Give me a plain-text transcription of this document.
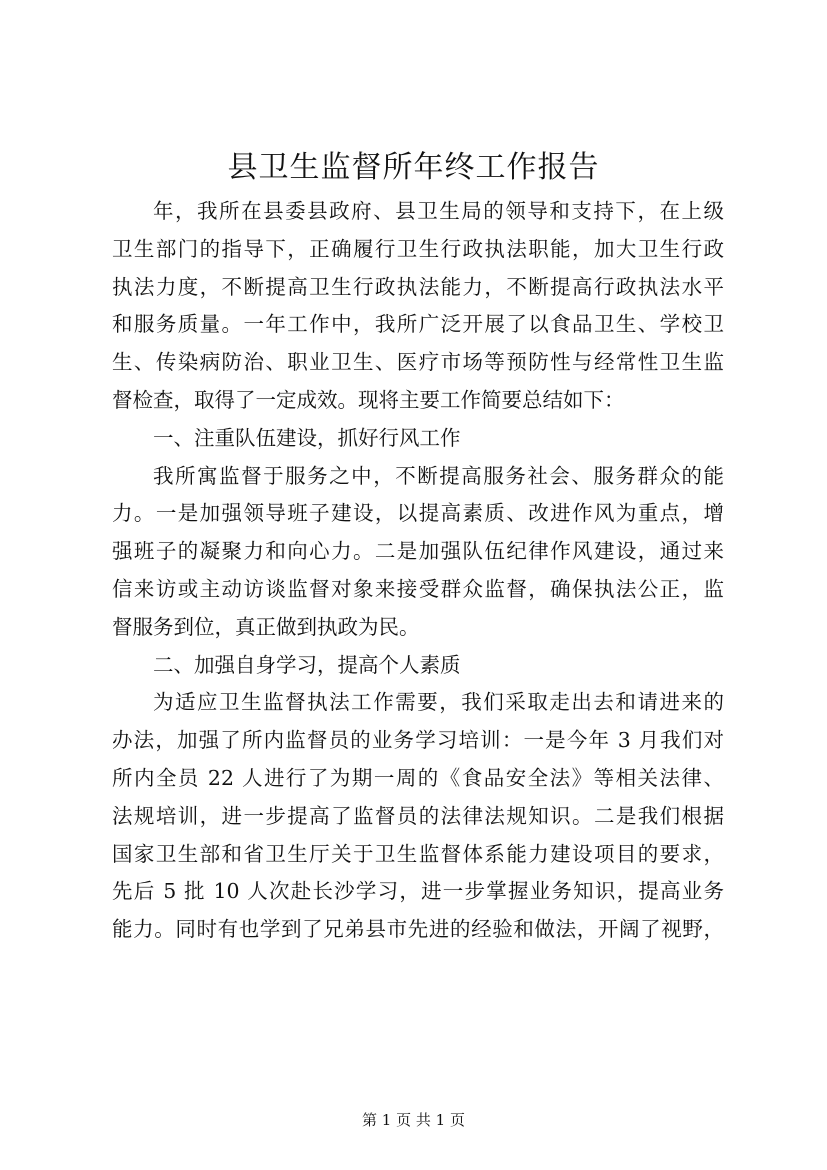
县卫生监督所年终工作报告
年，我所在县委县政府、县卫生局的领导和支持下，在上级
卫生部门的指导下，正确履行卫生行政执法职能，加大卫生行政
执法力度，不断提高卫生行政执法能力，不断提高行政执法水平
和服务质量。一年工作中，我所广泛开展了以食品卫生、学校卫
生、传染病防治、职业卫生、医疗市场等预防性与经常性卫生监
督检查，取得了一定成效。现将主要工作简要总结如下：
一、注重队伍建设，抓好行风工作
我所寓监督于服务之中，不断提高服务社会、服务群众的能
力。一是加强领导班子建设，以提高素质、改进作风为重点，增
强班子的凝聚力和向心力。二是加强队伍纪律作风建设，通过来
信来访或主动访谈监督对象来接受群众监督，确保执法公正，监
督服务到位，真正做到执政为民。
二、加强自身学习，提高个人素质
为适应卫生监督执法工作需要，我们采取走出去和请进来的
办法，加强了所内监督员的业务学习培训：一是今年 3 月我们对
所内全员 22 人进行了为期一周的《食品安全法》等相关法律、
法规培训，进一步提高了监督员的法律法规知识。二是我们根据
国家卫生部和省卫生厅关于卫生监督体系能力建设项目的要求，
先后 5 批 10 人次赴长沙学习，进一步掌握业务知识，提高业务
能力。同时有也学到了兄弟县市先进的经验和做法，开阔了视野，
第 1 页 共 1 页
